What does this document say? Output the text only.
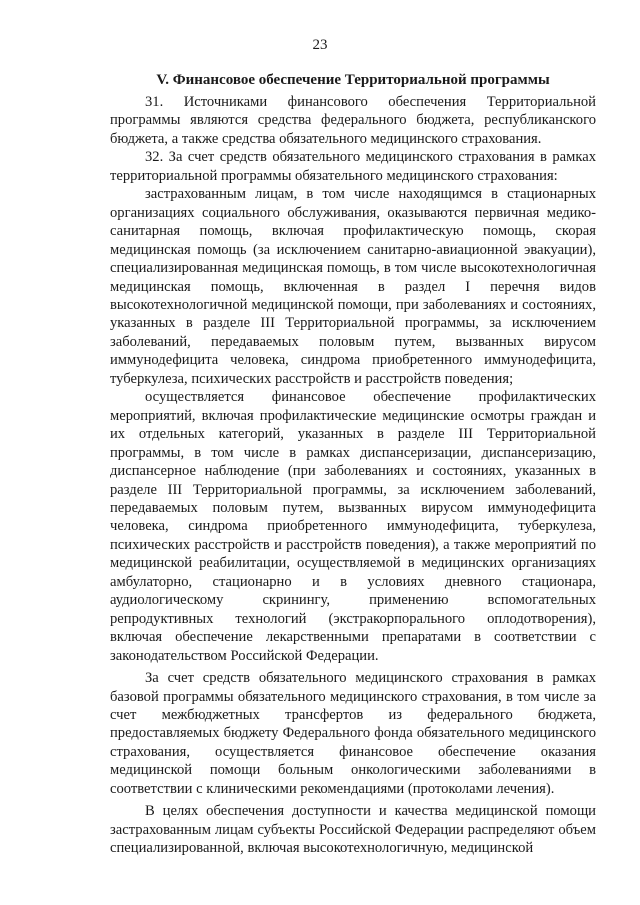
23
V. Финансовое обеспечение Территориальной программы

31. Источниками финансового обеспечения Территориальной программы являются средства федерального бюджета, республиканского бюджета, а также средства обязательного медицинского страхования.

32. За счет средств обязательного медицинского страхования в рамках территориальной программы обязательного медицинского страхования:

застрахованным лицам, в том числе находящимся в стационарных организациях социального обслуживания, оказываются первичная медико-санитарная помощь, включая профилактическую помощь, скорая медицинская помощь (за исключением санитарно-авиационной эвакуации), специализированная медицинская помощь, в том числе высокотехнологичная медицинская помощь, включенная в раздел I перечня видов высокотехнологичной медицинской помощи, при заболеваниях и состояниях, указанных в разделе III Территориальной программы, за исключением заболеваний, передаваемых половым путем, вызванных вирусом иммунодефицита человека, синдрома приобретенного иммунодефицита, туберкулеза, психических расстройств и расстройств поведения;

осуществляется финансовое обеспечение профилактических мероприятий, включая профилактические медицинские осмотры граждан и их отдельных категорий, указанных в разделе III Территориальной программы, в том числе в рамках диспансеризации, диспансеризацию, диспансерное наблюдение (при заболеваниях и состояниях, указанных в разделе III Территориальной программы, за исключением заболеваний, передаваемых половым путем, вызванных вирусом иммунодефицита человека, синдрома приобретенного иммунодефицита, туберкулеза, психических расстройств и расстройств поведения), а также мероприятий по медицинской реабилитации, осуществляемой в медицинских организациях амбулаторно, стационарно и в условиях дневного стационара, аудиологическому скринингу, применению вспомогательных репродуктивных технологий (экстракорпорального оплодотворения), включая обеспечение лекарственными препаратами в соответствии с законодательством Российской Федерации.

За счет средств обязательного медицинского страхования в рамках базовой программы обязательного медицинского страхования, в том числе за счет межбюджетных трансфертов из федерального бюджета, предоставляемых бюджету Федерального фонда обязательного медицинского страхования, осуществляется финансовое обеспечение оказания медицинской помощи больным онкологическими заболеваниями в соответствии с клиническими рекомендациями (протоколами лечения).

В целях обеспечения доступности и качества медицинской помощи застрахованным лицам субъекты Российской Федерации распределяют объем специализированной, включая высокотехнологичную, медицинской
